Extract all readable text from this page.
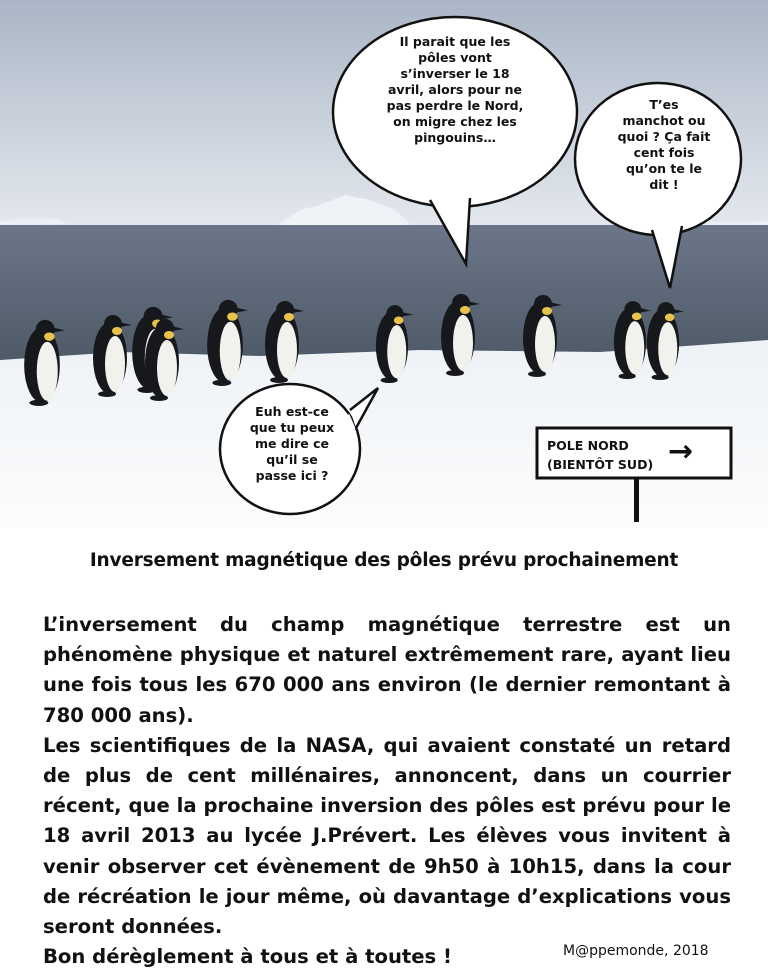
Il parait que les
pôles vont
s’inverser le 18
avril, alors pour ne
pas perdre le Nord,
on migre chez les
pingouins…
T’es
manchot ou
quoi ? Ça fait
cent fois
qu’on te le
dit !
Euh est-ce
que tu peux
me dire ce
qu’il se
passe ici ?
POLE NORD
(BIENTÔT SUD) →
Inversement magnétique des pôles prévu prochainement

L’inversement du champ magnétique terrestre est un phénomène physique et naturel extrêmement rare, ayant lieu une fois tous les 670 000 ans environ (le dernier remontant à 780 000 ans).

Les scientifiques de la NASA, qui avaient constaté un retard de plus de cent millénaires, annoncent, dans un courrier récent, que la prochaine inversion des pôles est prévu pour le 18 avril 2013 au lycée J.Prévert. Les élèves vous invitent à venir observer cet évènement de 9h50 à 10h15, dans la cour de récréation le jour même, où davantage d’explications vous seront données.

Bon dérèglement à tous et à toutes !	M@ppemonde, 2018
